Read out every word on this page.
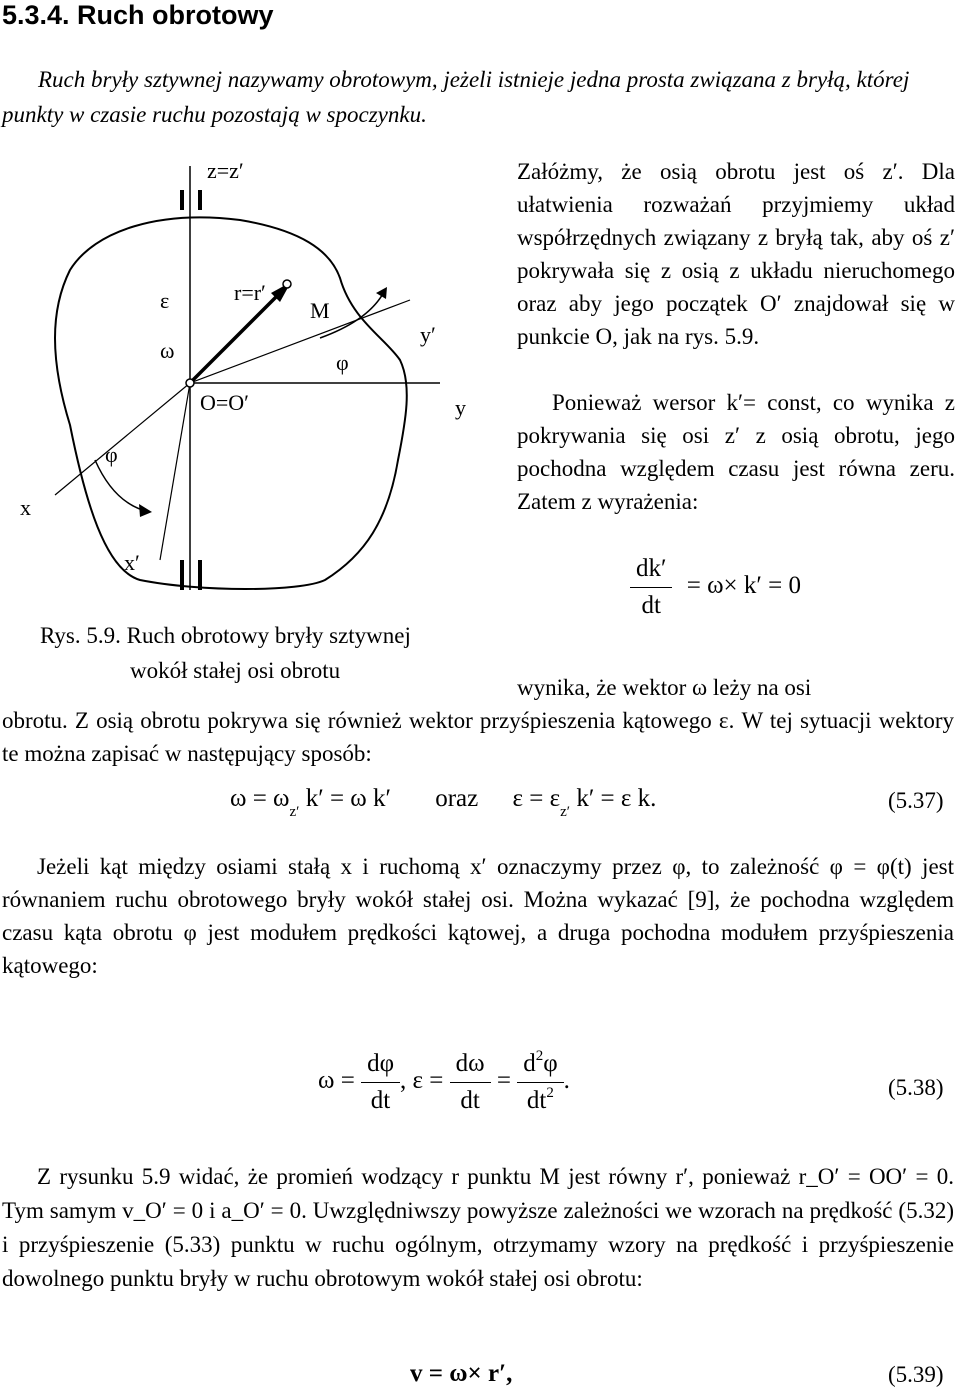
5.3.4. Ruch obrotowy
Ruch bryły sztywnej nazywamy obrotowym, jeżeli istnieje jedna prosta związana z bryłą, której punkty w czasie ruchu pozostają w spoczynku.
z=z′
ε
ω
r=r′
M
φ
y′
O=O′	y
φ
x
x′
Rys. 5.9. Ruch obrotowy bryły sztywnej
wokół stałej osi obrotu
Załóżmy, że osią obrotu jest oś z′. Dla ułatwienia rozważań przyjmiemy układ współrzędnych związany z bryłą tak, aby oś z′ pokrywała się z osią z układu nieruchomego oraz aby jego początek O′ znajdował się w punkcie O, jak na rys. 5.9.
Ponieważ wersor k′= const, co wynika z pokrywania się osi z′ z osią obrotu, jego pochodna względem czasu jest równa zeru. Zatem z wyrażenia:
$\frac{dk'}{dt} = \omega\times k' = 0$
wynika, że wektor ω leży na osi
obrotu. Z osią obrotu pokrywa się również wektor przyśpieszenia kątowego ε. W tej sytuacji wektory te można zapisać w następujący sposób:
$\omega = \omega_{z'}$ k′ = ω k′ oraz $\varepsilon = \varepsilon_{z'}$ k′ = ε k.	(5.37)
Jeżeli kąt między osiami stałą x i ruchomą x′ oznaczymy przez φ, to zależność φ = φ(t) jest równaniem ruchu obrotowego bryły wokół stałej osi. Można wykazać [9], że pochodna względem czasu kąta obrotu φ jest modułem prędkości kątowej, a druga pochodna modułem przyśpieszenia kątowego:
$\omega = \frac{d\varphi}{dt}$ , $\varepsilon = \frac{d\omega}{dt} = \frac{d^2\varphi}{dt^2}$ .	(5.38)
Z rysunku 5.9 widać, że promień wodzący r punktu M jest równy r′, ponieważ r_O′ = OO′ = 0. Tym samym v_O′ = 0 i a_O′ = 0. Uwzględniwszy powyższe zależności we wzorach na prędkość (5.32) i przyśpieszenie (5.33) punktu w ruchu ogólnym, otrzymamy wzory na prędkość i przyśpieszenie dowolnego punktu bryły w ruchu obrotowym wokół stałej osi obrotu:
v = ω× r′,	(5.39)
